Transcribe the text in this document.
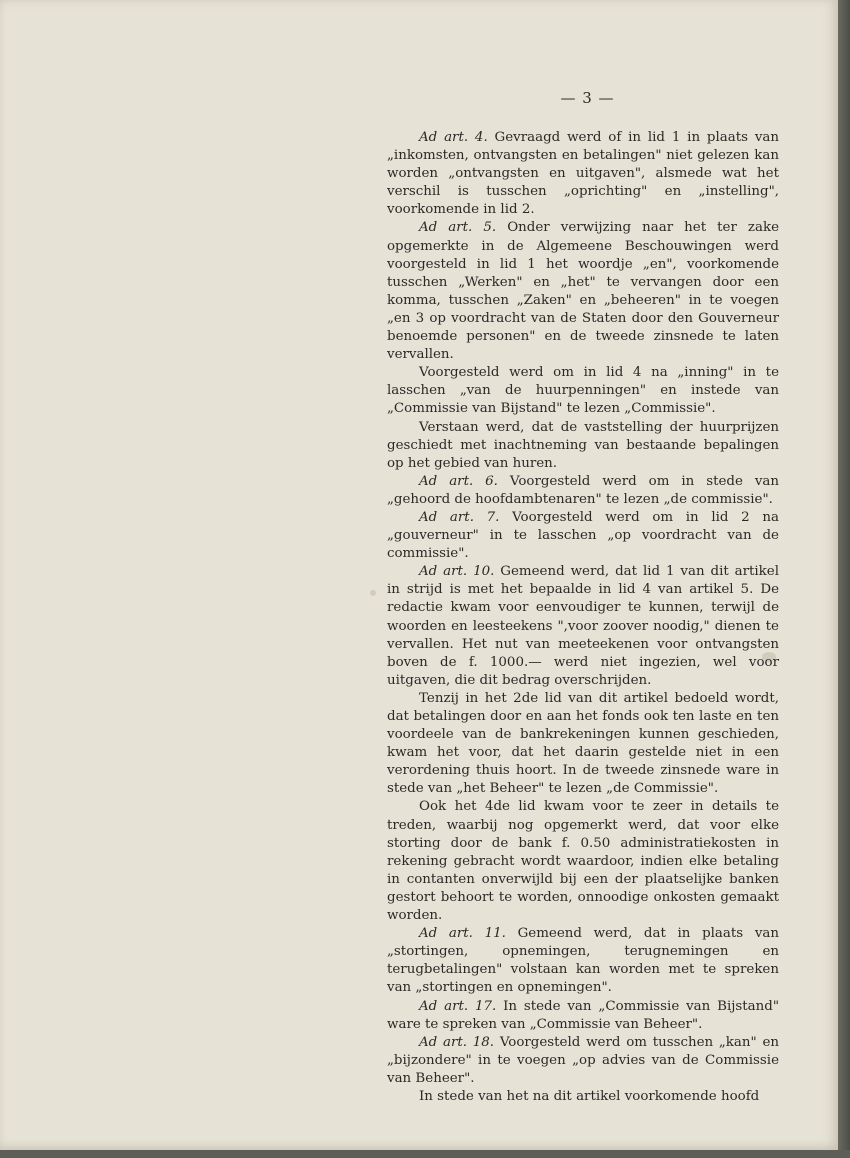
— 3 —

Ad art. 4. Gevraagd werd of in lid 1 in plaats van „inkomsten, ontvangsten en betalingen" niet gelezen kan worden „ontvangsten en uitgaven", alsmede wat het verschil is tusschen „oprichting" en „instelling", voorkomende in lid 2.

Ad art. 5. Onder verwijzing naar het ter zake opgemerkte in de Algemeene Beschouwingen werd voorgesteld in lid 1 het woordje „en", voorkomende tusschen „Werken" en „het" te vervangen door een komma, tusschen „Zaken" en „beheeren" in te voegen „en 3 op voordracht van de Staten door den Gouverneur benoemde personen" en de tweede zinsnede te laten vervallen.

Voorgesteld werd om in lid 4 na „inning" in te lasschen „van de huurpenningen" en instede van „Commissie van Bijstand" te lezen „Commissie".

Verstaan werd, dat de vaststelling der huurprijzen geschiedt met inachtneming van bestaande bepalingen op het gebied van huren.

Ad art. 6. Voorgesteld werd om in stede van „gehoord de hoofdambtenaren" te lezen „de commissie".

Ad art. 7. Voorgesteld werd om in lid 2 na „gouverneur" in te lasschen „op voordracht van de commissie".

Ad art. 10. Gemeend werd, dat lid 1 van dit artikel in strijd is met het bepaalde in lid 4 van artikel 5. De redactie kwam voor eenvoudiger te kunnen, terwijl de woorden en leesteekens ",voor zoover noodig," dienen te vervallen. Het nut van meeteekenen voor ontvangsten boven de f. 1000.— werd niet ingezien, wel voor uitgaven, die dit bedrag overschrijden.

Tenzij in het 2de lid van dit artikel bedoeld wordt, dat betalingen door en aan het fonds ook ten laste en ten voordeele van de bankrekeningen kunnen geschieden, kwam het voor, dat het daarin gestelde niet in een verordening thuis hoort. In de tweede zinsnede ware in stede van „het Beheer" te lezen „de Commissie".

Ook het 4de lid kwam voor te zeer in details te treden, waarbij nog opgemerkt werd, dat voor elke storting door de bank f. 0.50 administratiekosten in rekening gebracht wordt waardoor, indien elke betaling in contanten onverwijld bij een der plaatselijke banken gestort behoort te worden, onnoodige onkosten gemaakt worden.

Ad art. 11. Gemeend werd, dat in plaats van „stortingen, opnemingen, terugnemingen en terugbetalingen" volstaan kan worden met te spreken van „stortingen en opnemingen".

Ad art. 17. In stede van „Commissie van Bijstand" ware te spreken van „Commissie van Beheer".

Ad art. 18. Voorgesteld werd om tusschen „kan" en „bijzondere" in te voegen „op advies van de Commissie van Beheer".

In stede van het na dit artikel voorkomende hoofd
